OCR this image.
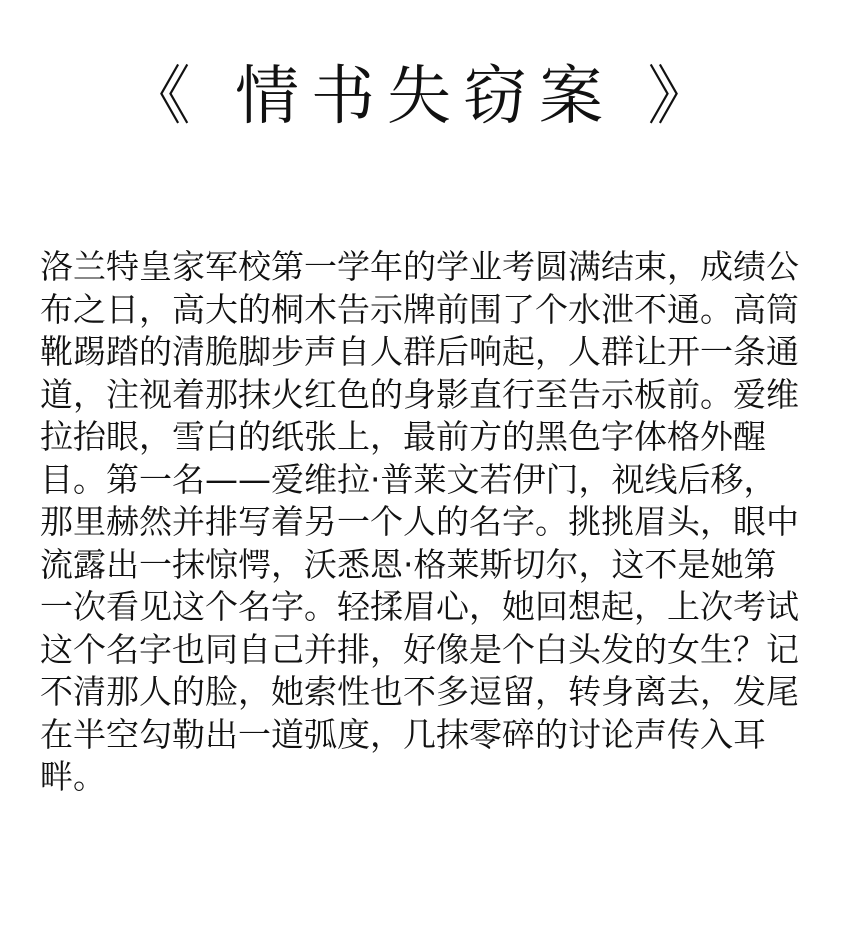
《 情书失窃案 》
洛兰特皇家军校第一学年的学业考圆满结束，成绩公
布之日，高大的桐木告示牌前围了个水泄不通。高筒
靴踢踏的清脆脚步声自人群后响起，人群让开一条通
道，注视着那抹火红色的身影直行至告示板前。爱维
拉抬眼，雪白的纸张上，最前方的黑色字体格外醒
目。第一名——爱维拉·普莱文若伊门，视线后移，
那里赫然并排写着另一个人的名字。挑挑眉头，眼中
流露出一抹惊愕，沃悉恩·格莱斯切尔，这不是她第
一次看见这个名字。轻揉眉心，她回想起，上次考试
这个名字也同自己并排，好像是个白头发的女生？记
不清那人的脸，她索性也不多逗留，转身离去，发尾
在半空勾勒出一道弧度，几抹零碎的讨论声传入耳
畔。
